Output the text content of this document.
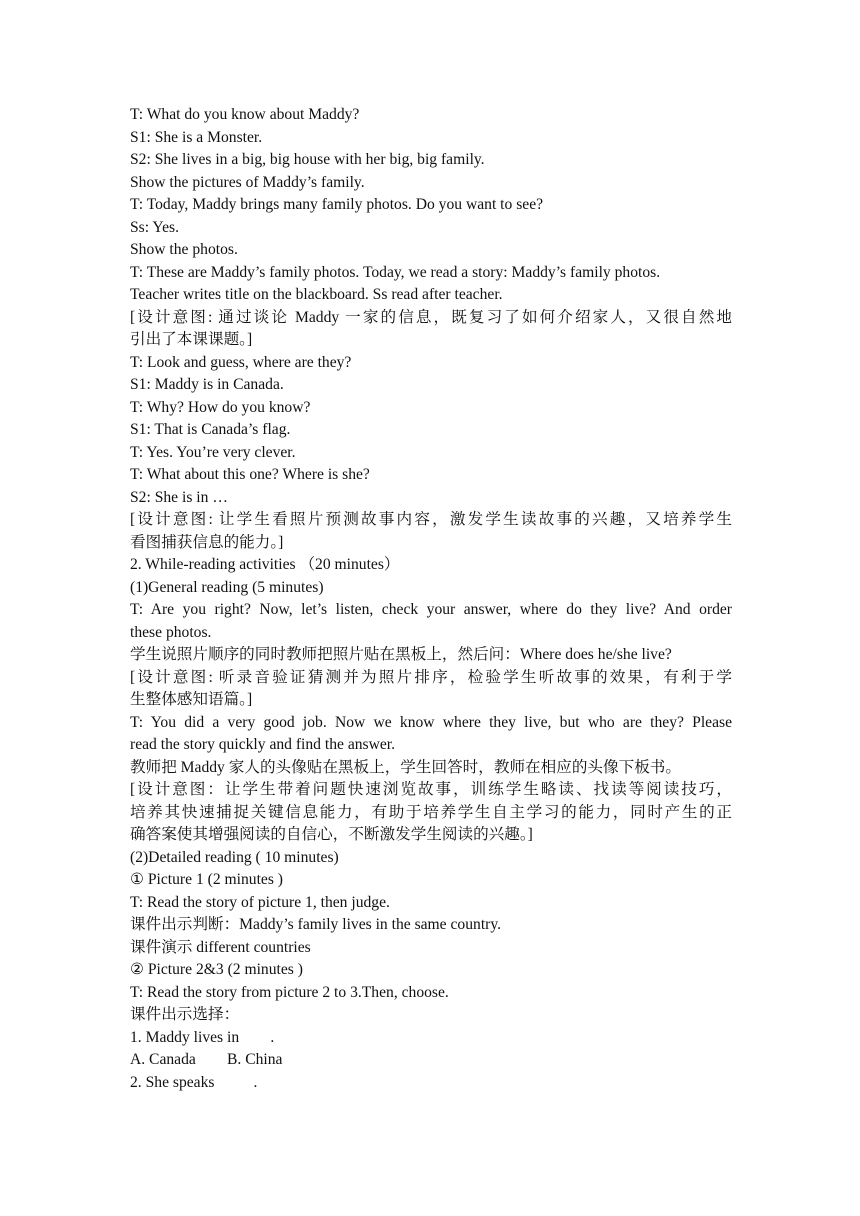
T: What do you know about Maddy?
S1: She is a Monster.
S2: She lives in a big, big house with her big, big family.
Show the pictures of Maddy’s family.
T: Today, Maddy brings many family photos. Do you want to see?
Ss: Yes.
Show the photos.
T: These are Maddy’s family photos. Today, we read a story: Maddy’s family photos.
Teacher writes title on the blackboard. Ss read after teacher.
[设计意图: 通过谈论 Maddy 一家的信息，既复习了如何介绍家人，又很自然地
引出了本课课题。]
T: Look and guess, where are they?
S1: Maddy is in Canada.
T: Why? How do you know?
S1: That is Canada’s flag.
T: Yes. You’re very clever.
T: What about this one? Where is she?
S2: She is in …
[设计意图: 让学生看照片预测故事内容，激发学生读故事的兴趣，又培养学生
看图捕获信息的能力。]
2. While-reading activities （20 minutes）
(1)General reading (5 minutes)
T: Are you right? Now, let’s listen, check your answer, where do they live? And order
these photos.
学生说照片顺序的同时教师把照片贴在黑板上，然后问：Where does he/she live?
[设计意图: 听录音验证猜测并为照片排序，检验学生听故事的效果，有利于学
生整体感知语篇。]
T: You did a very good job. Now we know where they live, but who are they? Please
read the story quickly and find the answer.
教师把 Maddy 家人的头像贴在黑板上，学生回答时，教师在相应的头像下板书。
[设计意图：让学生带着问题快速浏览故事，训练学生略读、找读等阅读技巧，
培养其快速捕捉关键信息能力，有助于培养学生自主学习的能力，同时产生的正
确答案使其增强阅读的自信心，不断激发学生阅读的兴趣。]
(2)Detailed reading ( 10 minutes)
① Picture 1 (2 minutes )
T: Read the story of picture 1, then judge.
课件出示判断：Maddy’s family lives in the same country.
课件演示 different countries
② Picture 2&3 (2 minutes )
T: Read the story from picture 2 to 3.Then, choose.
课件出示选择：
1. Maddy lives in        .
A. Canada        B. China
2. She speaks          .
